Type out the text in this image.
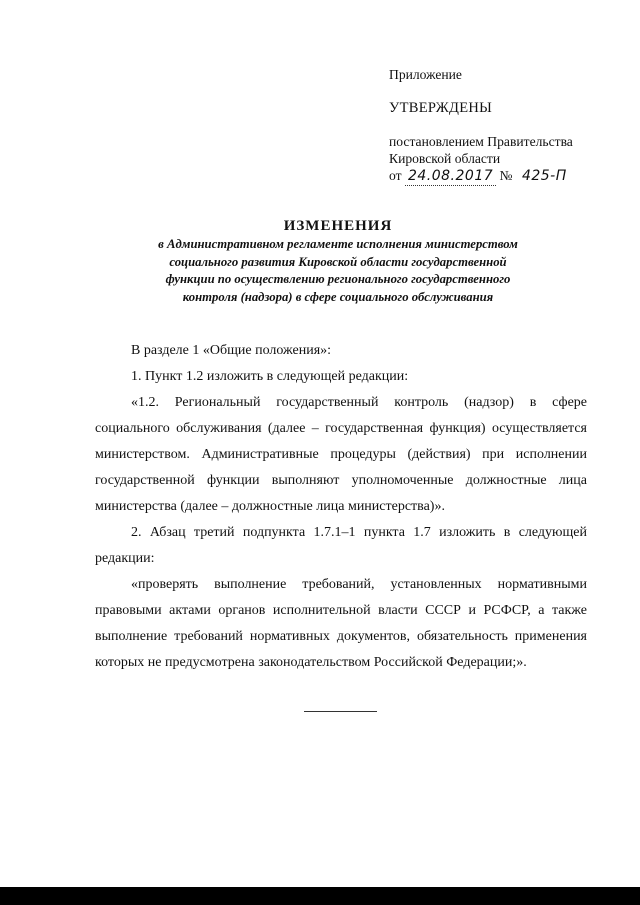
Приложение
УТВЕРЖДЕНЫ
постановлением Правительства
Кировской области
от 24.08.2017 № 425-П
ИЗМЕНЕНИЯ
в Административном регламенте исполнения министерством
социального развития Кировской области государственной
функции по осуществлению регионального государственного
контроля (надзора) в сфере социального обслуживания

В разделе 1 «Общие положения»:

1. Пункт 1.2 изложить в следующей редакции:

«1.2. Региональный государственный контроль (надзор) в сфере социального обслуживания (далее – государственная функция) осуществляется министерством. Административные процедуры (действия) при исполнении государственной функции выполняют уполномоченные должностные лица министерства (далее – должностные лица министерства)».

2. Абзац третий подпункта 1.7.1–1 пункта 1.7 изложить в следующей редакции:

«проверять выполнение требований, установленных нормативными правовыми актами органов исполнительной власти СССР и РСФСР, а также выполнение требований нормативных документов, обязательность применения которых не предусмотрена законодательством Российской Федерации;».
